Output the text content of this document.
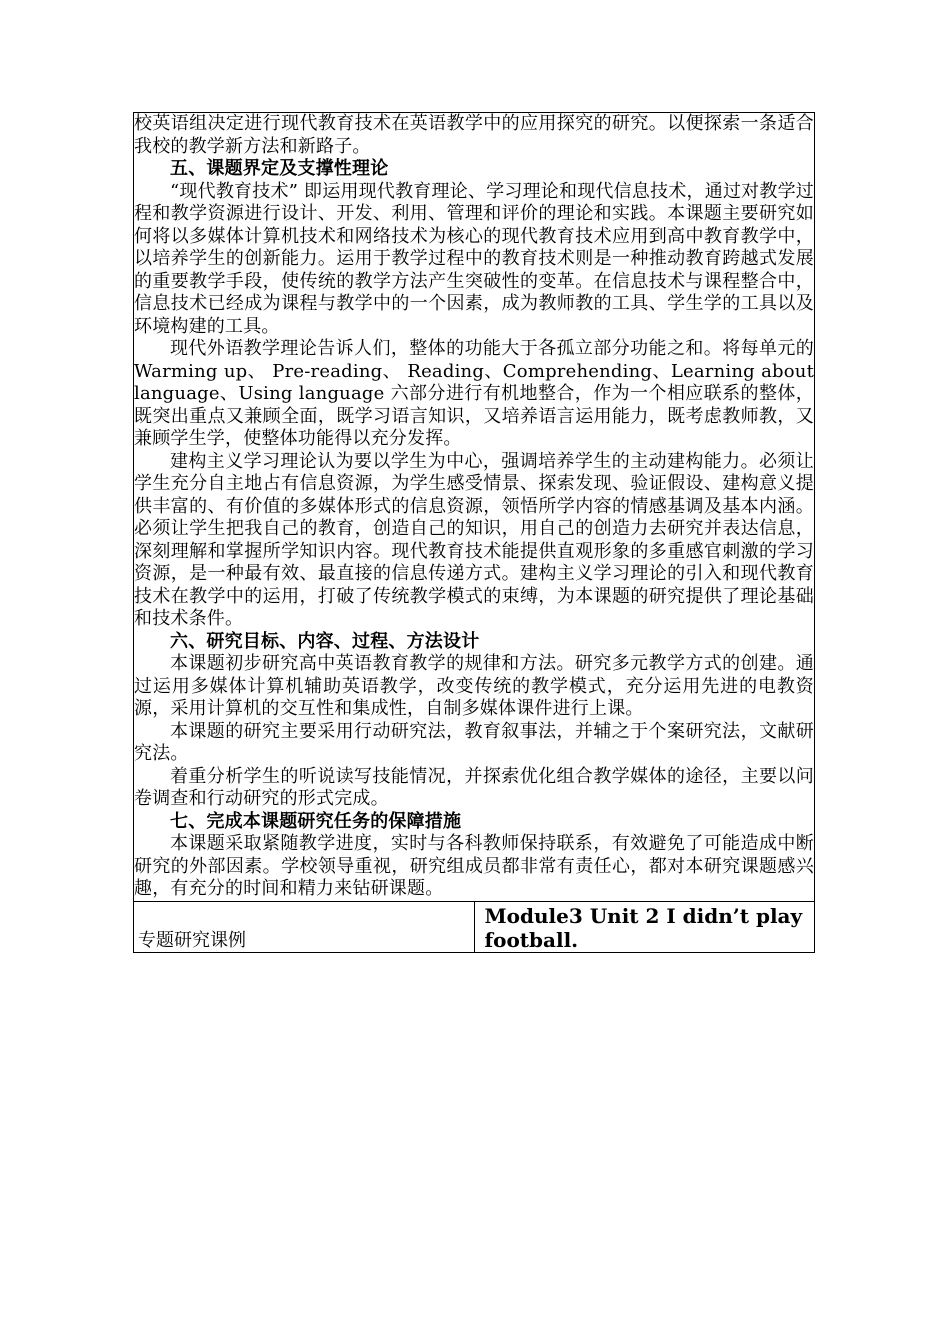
校英语组决定进行现代教育技术在英语教学中的应用探究的研究。以便探索一条适合我校的教学新方法和新路子。

五、课题界定及支撑性理论

“现代教育技术” 即运用现代教育理论、学习理论和现代信息技术，通过对教学过程和教学资源进行设计、开发、利用、管理和评价的理论和实践。本课题主要研究如何将以多媒体计算机技术和网络技术为核心的现代教育技术应用到高中教育教学中，以培养学生的创新能力。运用于教学过程中的教育技术则是一种推动教育跨越式发展的重要教学手段，使传统的教学方法产生突破性的变革。在信息技术与课程整合中，信息技术已经成为课程与教学中的一个因素，成为教师教的工具、学生学的工具以及环境构建的工具。

现代外语教学理论告诉人们，整体的功能大于各孤立部分功能之和。将每单元的 Warming up、 Pre-reading、 Reading、Comprehending、Learning about language、Using language 六部分进行有机地整合，作为一个相应联系的整体，既突出重点又兼顾全面，既学习语言知识，又培养语言运用能力，既考虑教师教，又兼顾学生学，使整体功能得以充分发挥。

建构主义学习理论认为要以学生为中心，强调培养学生的主动建构能力。必须让学生充分自主地占有信息资源，为学生感受情景、探索发现、验证假设、建构意义提供丰富的、有价值的多媒体形式的信息资源，领悟所学内容的情感基调及基本内涵。必须让学生把我自己的教育，创造自己的知识，用自己的创造力去研究并表达信息，深刻理解和掌握所学知识内容。现代教育技术能提供直观形象的多重感官刺激的学习资源，是一种最有效、最直接的信息传递方式。建构主义学习理论的引入和现代教育技术在教学中的运用，打破了传统教学模式的束缚，为本课题的研究提供了理论基础和技术条件。

六、研究目标、内容、过程、方法设计

本课题初步研究高中英语教育教学的规律和方法。研究多元教学方式的创建。通过运用多媒体计算机辅助英语教学，改变传统的教学模式，充分运用先进的电教资源，采用计算机的交互性和集成性，自制多媒体课件进行上课。

本课题的研究主要采用行动研究法，教育叙事法，并辅之于个案研究法，文献研究法。

着重分析学生的听说读写技能情况，并探索优化组合教学媒体的途径，主要以问卷调查和行动研究的形式完成。

七、完成本课题研究任务的保障措施

本课题采取紧随教学进度，实时与各科教师保持联系，有效避免了可能造成中断研究的外部因素。学校领导重视，研究组成员都非常有责任心，都对本研究课题感兴趣，有充分的时间和精力来钻研课题。

专题研究课例	Module3 Unit 2 I didn’t play football.
